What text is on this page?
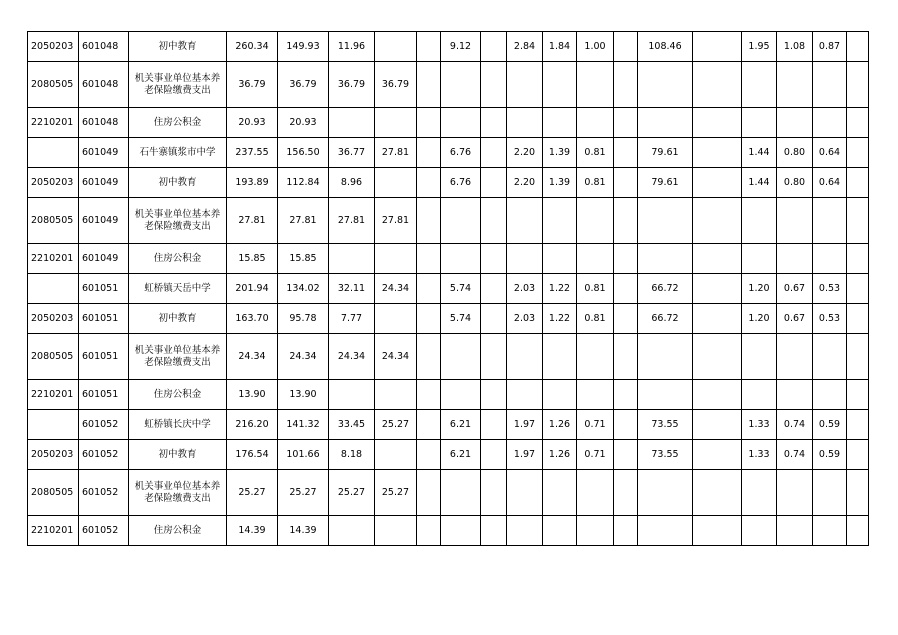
2050203	601048	初中教育	260.34	149.93	11.96			9.12		2.84	1.84	1.00		108.46		1.95	1.08	0.87	
2080505	601048	机关事业单位基本养老保险缴费支出	36.79	36.79	36.79	36.79													
2210201	601048	住房公积金	20.93	20.93															
	601049	石牛寨镇浆市中学	237.55	156.50	36.77	27.81		6.76		2.20	1.39	0.81		79.61		1.44	0.80	0.64	
2050203	601049	初中教育	193.89	112.84	8.96			6.76		2.20	1.39	0.81		79.61		1.44	0.80	0.64	
2080505	601049	机关事业单位基本养老保险缴费支出	27.81	27.81	27.81	27.81													
2210201	601049	住房公积金	15.85	15.85															
	601051	虹桥镇天岳中学	201.94	134.02	32.11	24.34		5.74		2.03	1.22	0.81		66.72		1.20	0.67	0.53	
2050203	601051	初中教育	163.70	95.78	7.77			5.74		2.03	1.22	0.81		66.72		1.20	0.67	0.53	
2080505	601051	机关事业单位基本养老保险缴费支出	24.34	24.34	24.34	24.34													
2210201	601051	住房公积金	13.90	13.90															
	601052	虹桥镇长庆中学	216.20	141.32	33.45	25.27		6.21		1.97	1.26	0.71		73.55		1.33	0.74	0.59	
2050203	601052	初中教育	176.54	101.66	8.18			6.21		1.97	1.26	0.71		73.55		1.33	0.74	0.59	
2080505	601052	机关事业单位基本养老保险缴费支出	25.27	25.27	25.27	25.27													
2210201	601052	住房公积金	14.39	14.39															
